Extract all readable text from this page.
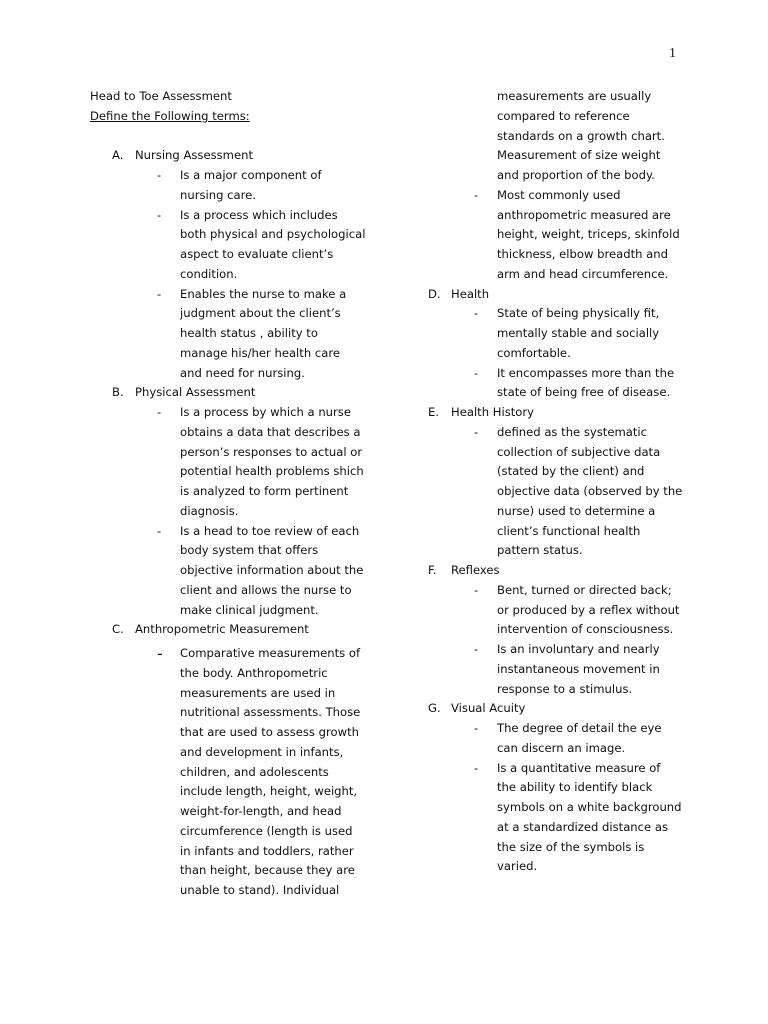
1
Head to Toe Assessment
Define the Following terms:
A. Nursing Assessment
-	Is a major component of
nursing care.
-	Is a process which includes
both physical and psychological
aspect to evaluate client’s
condition.
-	Enables the nurse to make a
judgment about the client’s
health status , ability to
manage his/her health care
and need for nursing.
B. Physical Assessment
-	Is a process by which a nurse
obtains a data that describes a
person’s responses to actual or
potential health problems shich
is analyzed to form pertinent
diagnosis.
-	Is a head to toe review of each
body system that offers
objective information about the
client and allows the nurse to
make clinical judgment.
C. Anthropometric Measurement
-	Comparative measurements of
the body. Anthropometric
measurements are used in
nutritional assessments. Those
that are used to assess growth
and development in infants,
children, and adolescents
include length, height, weight,
weight-for-length, and head
circumference (length is used
in infants and toddlers, rather
than height, because they are
unable to stand). Individual
measurements are usually
compared to reference
standards on a growth chart.
Measurement of size weight
and proportion of the body.
-	Most commonly used
anthropometric measured are
height, weight, triceps, skinfold
thickness, elbow breadth and
arm and head circumference.
D. Health
-	State of being physically fit,
mentally stable and socially
comfortable.
-	It encompasses more than the
state of being free of disease.
E.	Health History
-	defined as the systematic
collection of subjective data
(stated by the client) and
objective data (observed by the
nurse) used to determine a
client’s functional health
pattern status.
F.	Reflexes
-	Bent, turned or directed back;
or produced by a reflex without
intervention of consciousness.
-	Is an involuntary and nearly
instantaneous movement in
response to a stimulus.
G. Visual Acuity
-	The degree of detail the eye
can discern an image.
-	Is a quantitative measure of
the ability to identify black
symbols on a white background
at a standardized distance as
the size of the symbols is
varied.
